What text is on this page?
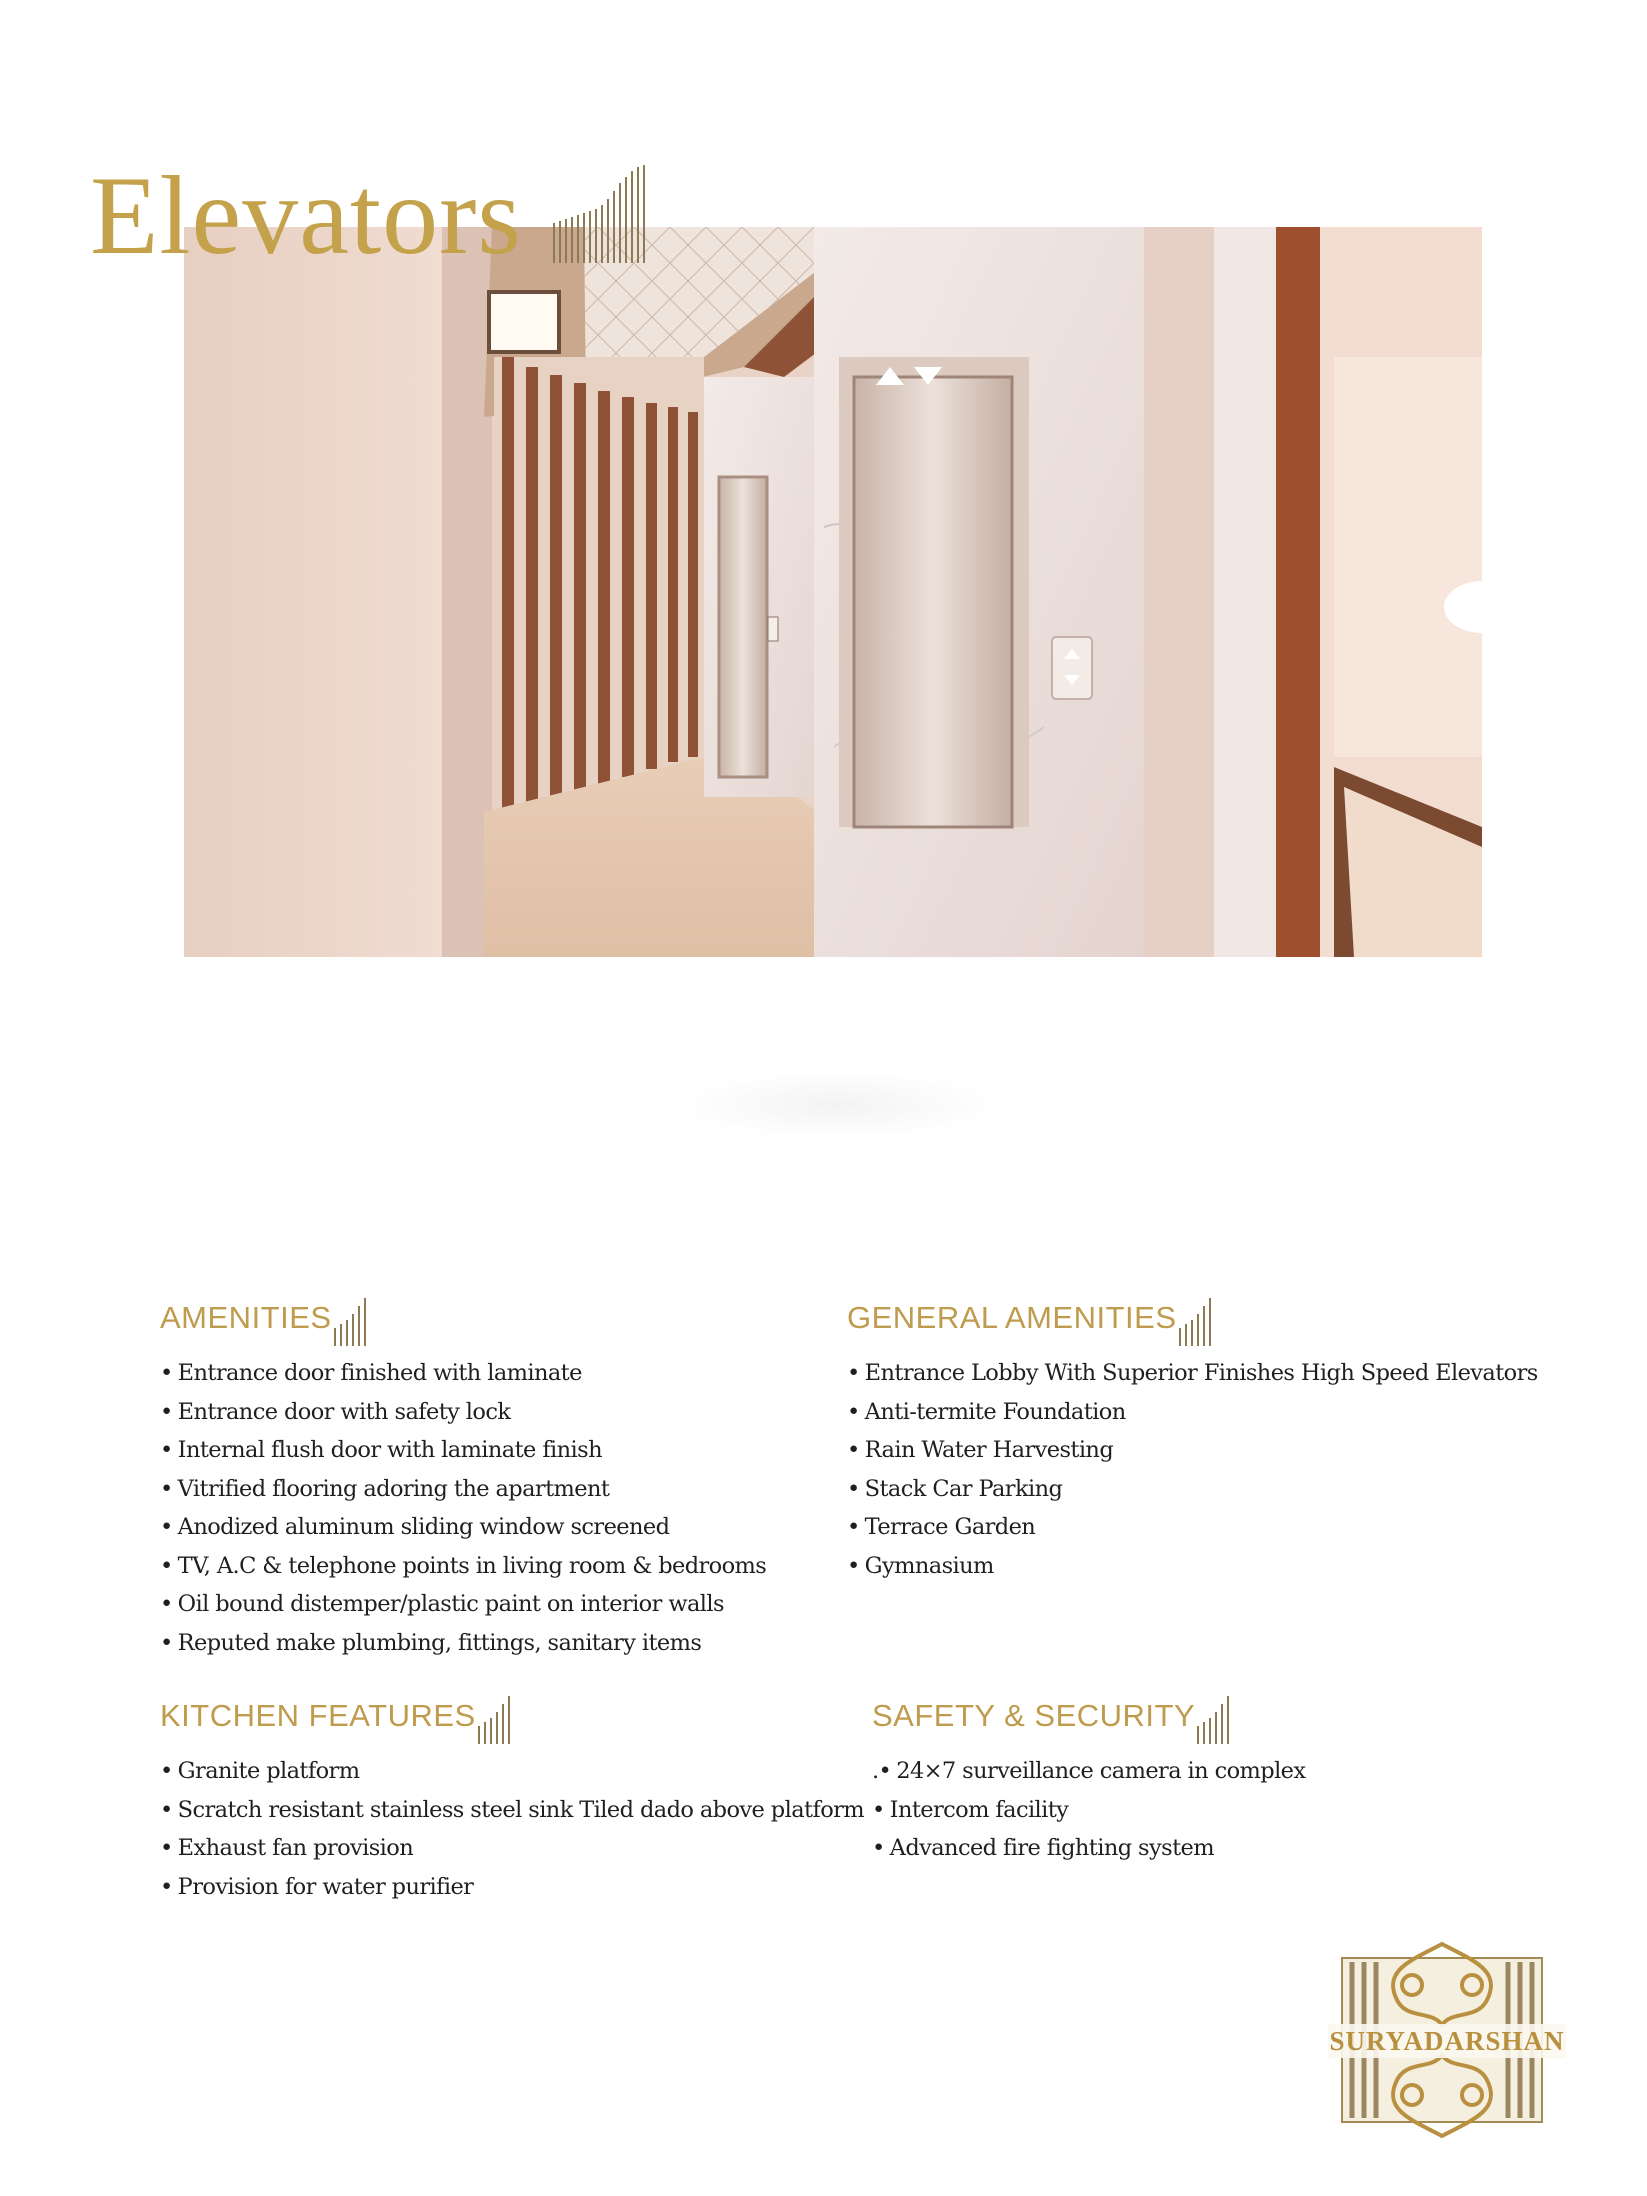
Elevators
AMENITIES
• Entrance door finished with laminate
• Entrance door with safety lock
• Internal flush door with laminate finish
• Vitrified flooring adoring the apartment
• Anodized aluminum sliding window screened
• TV, A.C & telephone points in living room & bedrooms
• Oil bound distemper/plastic paint on interior walls
• Reputed make plumbing, fittings, sanitary items
GENERAL AMENITIES
• Entrance Lobby With Superior Finishes High Speed Elevators
• Anti-termite Foundation
• Rain Water Harvesting
• Stack Car Parking
• Terrace Garden
• Gymnasium
KITCHEN FEATURES
• Granite platform
• Scratch resistant stainless steel sink Tiled dado above platform
• Exhaust fan provision
• Provision for water purifier
SAFETY & SECURITY
.• 24×7 surveillance camera in complex
• Intercom facility
• Advanced fire fighting system
SURYADARSHAN
